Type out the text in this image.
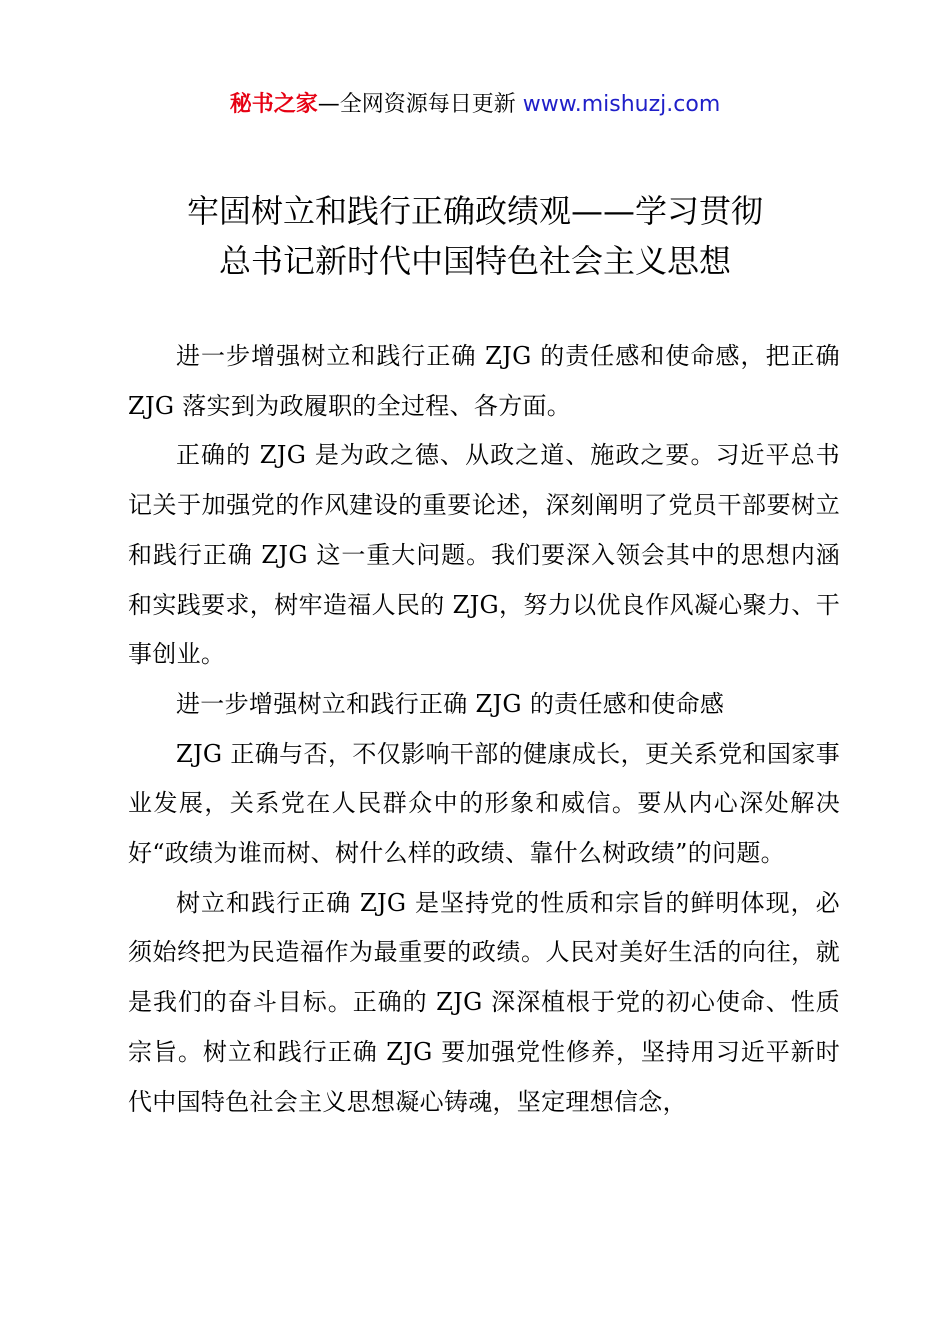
秘书之家—全网资源每日更新 www.mishuzj.com
牢固树立和践行正确政绩观——学习贯彻
总书记新时代中国特色社会主义思想

进一步增强树立和践行正确 ZJG 的责任感和使命感，把正确 ZJG 落实到为政履职的全过程、各方面。

正确的 ZJG 是为政之德、从政之道、施政之要。习近平总书记关于加强党的作风建设的重要论述，深刻阐明了党员干部要树立和践行正确 ZJG 这一重大问题。我们要深入领会其中的思想内涵和实践要求，树牢造福人民的 ZJG，努力以优良作风凝心聚力、干事创业。

进一步增强树立和践行正确 ZJG 的责任感和使命感

ZJG 正确与否，不仅影响干部的健康成长，更关系党和国家事业发展，关系党在人民群众中的形象和威信。要从内心深处解决好“政绩为谁而树、树什么样的政绩、靠什么树政绩”的问题。

树立和践行正确 ZJG 是坚持党的性质和宗旨的鲜明体现，必须始终把为民造福作为最重要的政绩。人民对美好生活的向往，就是我们的奋斗目标。正确的 ZJG 深深植根于党的初心使命、性质宗旨。树立和践行正确 ZJG 要加强党性修养，坚持用习近平新时代中国特色社会主义思想凝心铸魂，坚定理想信念，
